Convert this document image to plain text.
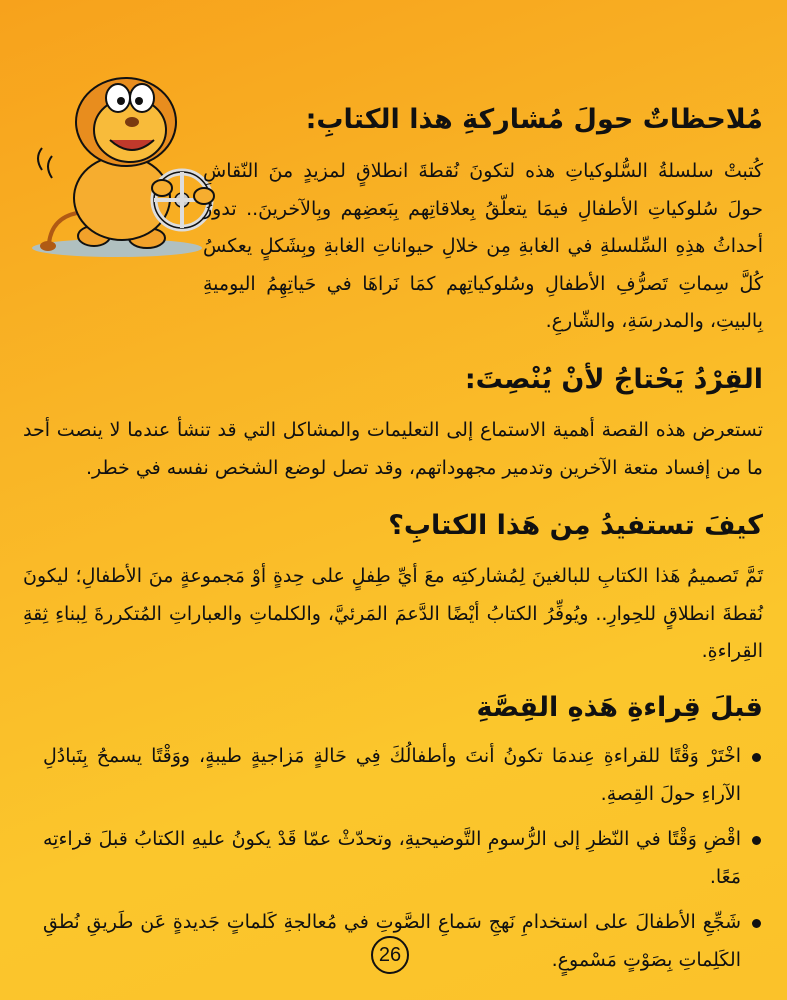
مُلاحظاتٌ حولَ مُشاركةِ هذا الكتابِ:

كُتبتْ سلسلةُ السُّلوكياتِ هذه لتكونَ نُقطةَ انطلاقٍ لمزيدٍ منَ النّقاشِ حولَ سُلوكياتِ الأطفالِ فيمَا يتعلّقُ بِعلاقاتِهم بِبَعضِهم وبِالآخرينَ.. تدورُ أحداثُ هذِهِ السِّلسلةِ في الغابةِ مِن خلالِ حيواناتِ الغابةِ وبِشَكلٍ يعكسُ كُلَّ سِماتِ تَصرُّفِ الأطفالِ وسُلوكياتِهم كمَا نَراهَا في حَياتِهِمُ اليوميةِ بِالبيتِ، والمدرسَةِ، والشّارعِ.

القِرْدُ يَحْتاجُ لأنْ يُنْصِتَ:

تستعرض هذه القصة أهمية الاستماع إلى التعليمات والمشاكل التي قد تنشأ عندما لا ينصت أحد ما من إفساد متعة الآخرين وتدمير مجهوداتهم، وقد تصل لوضع الشخص نفسه في خطر.

كيفَ تستفيدُ مِن هَذا الكتابِ؟

تَمَّ تَصميمُ هَذا الكتابِ للبالغينَ لِمُشاركتِه معَ أيِّ طِفلٍ على حِدةٍ أوْ مَجموعةٍ منَ الأطفالِ؛ ليكونَ نُقطةَ انطلاقٍ للحِوارِ.. ويُوفِّرُ الكتابُ أيْضًا الدَّعمَ المَرئيَّ، والكلماتِ والعباراتِ المُتكررةَ لِبناءِ ثِقةِ القِراءةِ.

قبلَ قِراءةِ هَذهِ القِصَّةِ
اخْتَرْ وَقْتًا للقراءةِ عِندمَا تكونُ أنتَ وأطفالُكَ فِي حَالةٍ مَزاجيةٍ طيبةٍ، ووَقْتًا يسمحُ بِتَبادُلِ الآراءِ حولَ القِصةِ.
اقْضِ وَقْتًا في النّظرِ إلى الرُّسومِ التَّوضيحيةِ، وتحدّثْ عمّا قَدْ يكونُ عليهِ الكتابُ قبلَ قراءتِه مَعًا.
شَجِّعِ الأطفالَ على استخدامِ نَهجِ سَماعِ الصَّوتِ في مُعالجةِ كَلماتٍ جَديدةٍ عَن طَريقِ نُطقِ الكَلِماتِ بِصَوْتٍ مَسْموعٍ.
26
